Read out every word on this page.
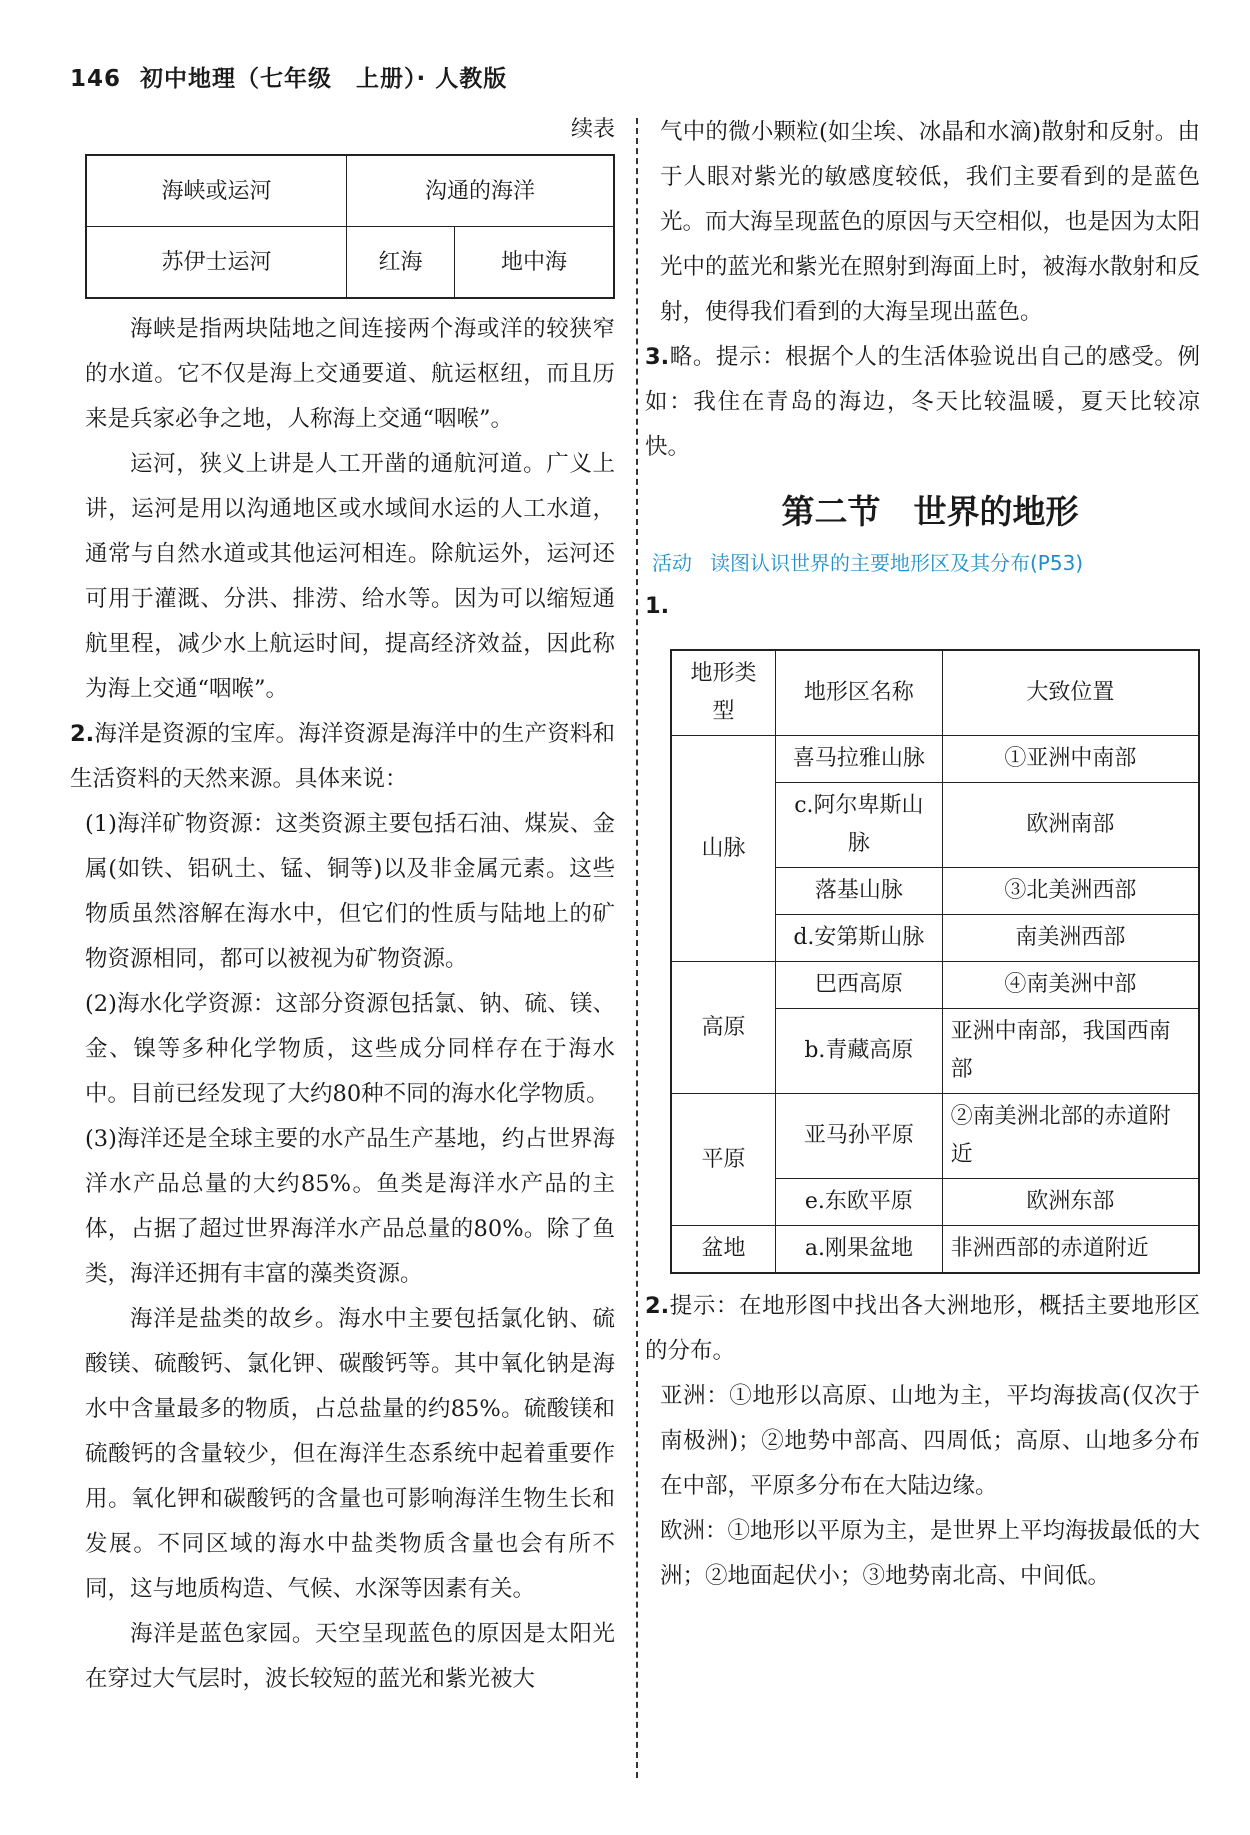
146 初中地理（七年级　上册）· 人教版
续表
海峡或运河	沟通的海洋	
苏伊士运河	红海	地中海

海峡是指两块陆地之间连接两个海或洋的较狭窄的水道。它不仅是海上交通要道、航运枢纽，而且历来是兵家必争之地，人称海上交通“咽喉”。

运河，狭义上讲是人工开凿的通航河道。广义上讲，运河是用以沟通地区或水域间水运的人工水道，通常与自然水道或其他运河相连。除航运外，运河还可用于灌溉、分洪、排涝、给水等。因为可以缩短通航里程，减少水上航运时间，提高经济效益，因此称为海上交通“咽喉”。

2.海洋是资源的宝库。海洋资源是海洋中的生产资料和生活资料的天然来源。具体来说：

(1)海洋矿物资源：这类资源主要包括石油、煤炭、金属(如铁、铝矾土、锰、铜等)以及非金属元素。这些物质虽然溶解在海水中，但它们的性质与陆地上的矿物资源相同，都可以被视为矿物资源。

(2)海水化学资源：这部分资源包括氯、钠、硫、镁、金、镍等多种化学物质，这些成分同样存在于海水中。目前已经发现了大约80种不同的海水化学物质。

(3)海洋还是全球主要的水产品生产基地，约占世界海洋水产品总量的大约85%。鱼类是海洋水产品的主体，占据了超过世界海洋水产品总量的80%。除了鱼类，海洋还拥有丰富的藻类资源。

海洋是盐类的故乡。海水中主要包括氯化钠、硫酸镁、硫酸钙、氯化钾、碳酸钙等。其中氧化钠是海水中含量最多的物质，占总盐量的约85%。硫酸镁和硫酸钙的含量较少，但在海洋生态系统中起着重要作用。氧化钾和碳酸钙的含量也可影响海洋生物生长和发展。不同区域的海水中盐类物质含量也会有所不同，这与地质构造、气候、水深等因素有关。

海洋是蓝色家园。天空呈现蓝色的原因是太阳光在穿过大气层时，波长较短的蓝光和紫光被大

气中的微小颗粒(如尘埃、冰晶和水滴)散射和反射。由于人眼对紫光的敏感度较低，我们主要看到的是蓝色光。而大海呈现蓝色的原因与天空相似，也是因为太阳光中的蓝光和紫光在照射到海面上时，被海水散射和反射，使得我们看到的大海呈现出蓝色。

3.略。提示：根据个人的生活体验说出自己的感受。例如：我住在青岛的海边，冬天比较温暖，夏天比较凉快。

第二节　世界的地形
活动 读图认识世界的主要地形区及其分布(P53)
1.
地形类型	地形区名称	大致位置
山脉	喜马拉雅山脉	①亚洲中南部
	c.阿尔卑斯山脉	欧洲南部
	落基山脉	③北美洲西部
	d.安第斯山脉	南美洲西部
高原	巴西高原	④南美洲中部
	b.青藏高原	亚洲中南部，我国西南部
平原	亚马孙平原	②南美洲北部的赤道附近
	e.东欧平原	欧洲东部
盆地	a.刚果盆地	非洲西部的赤道附近

2.提示：在地形图中找出各大洲地形，概括主要地形区的分布。

亚洲：①地形以高原、山地为主，平均海拔高(仅次于南极洲)；②地势中部高、四周低；高原、山地多分布在中部，平原多分布在大陆边缘。

欧洲：①地形以平原为主，是世界上平均海拔最低的大洲；②地面起伏小；③地势南北高、中间低。
